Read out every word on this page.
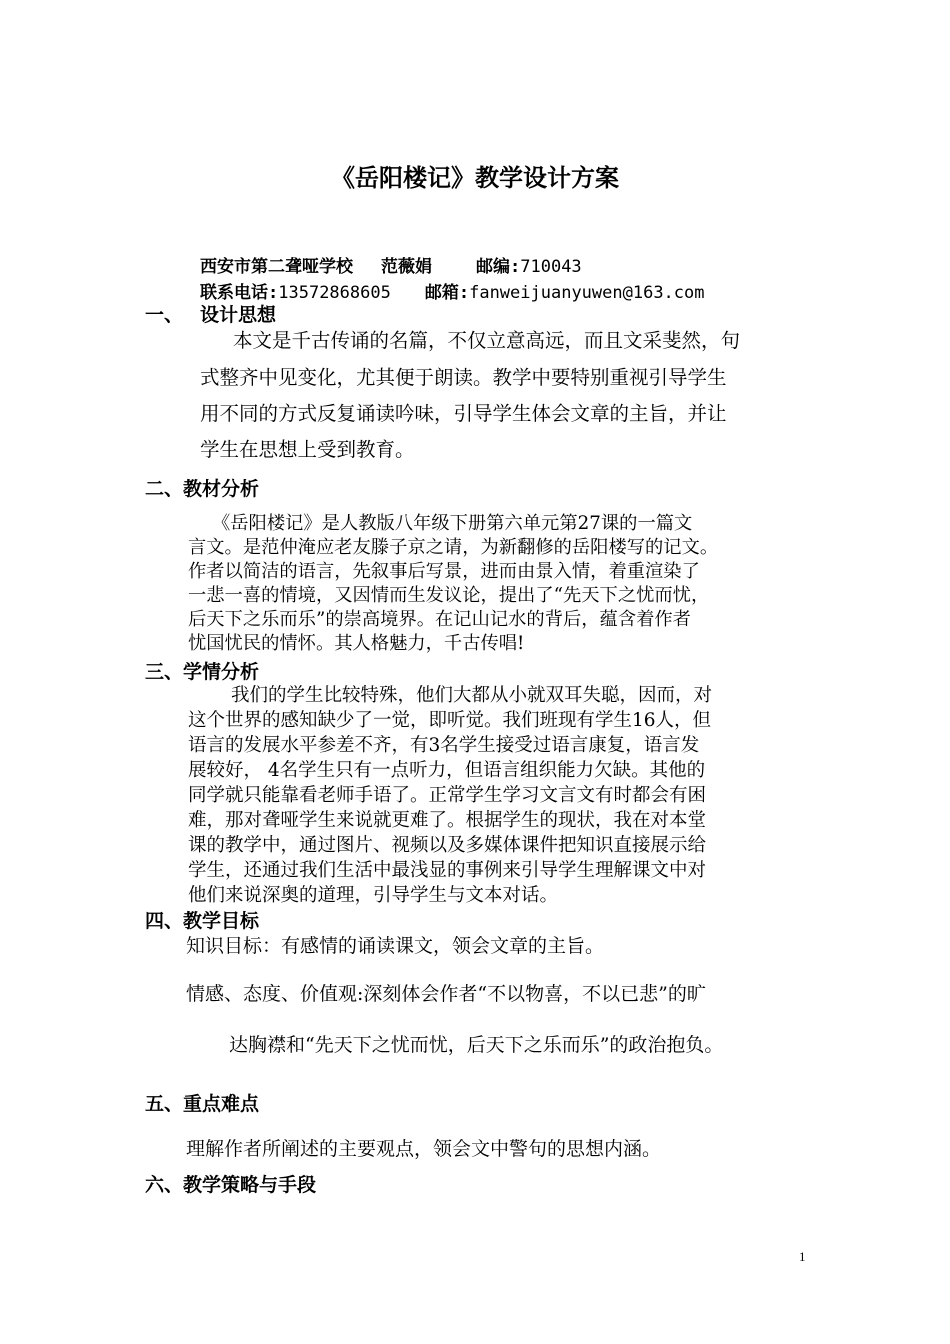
《岳阳楼记》教学设计方案
西安市第二聋哑学校 范薇娟	邮编:710043
联系电话:13572868605 邮箱:fanweijuanyuwen@163.com
一、 设计思想
本文是千古传诵的名篇，不仅立意高远，而且文采斐然，句
式整齐中见变化，尤其便于朗读。教学中要特别重视引导学生
用不同的方式反复诵读吟味，引导学生体会文章的主旨，并让
学生在思想上受到教育。
二、教材分析
《岳阳楼记》是人教版八年级下册第六单元第27课的一篇文
言文。是范仲淹应老友滕子京之请，为新翻修的岳阳楼写的记文。
作者以简洁的语言，先叙事后写景，进而由景入情，着重渲染了
一悲一喜的情境，又因情而生发议论，提出了“先天下之忧而忧，
后天下之乐而乐”的崇高境界。在记山记水的背后，蕴含着作者
忧国忧民的情怀。其人格魅力，千古传唱!
三、学情分析
我们的学生比较特殊，他们大都从小就双耳失聪，因而，对
这个世界的感知缺少了一觉，即听觉。我们班现有学生16人，但
语言的发展水平参差不齐，有3名学生接受过语言康复，语言发
展较好， 4名学生只有一点听力，但语言组织能力欠缺。其他的
同学就只能靠看老师手语了。正常学生学习文言文有时都会有困
难，那对聋哑学生来说就更难了。根据学生的现状，我在对本堂
课的教学中，通过图片、视频以及多媒体课件把知识直接展示给
学生，还通过我们生活中最浅显的事例来引导学生理解课文中对
他们来说深奥的道理，引导学生与文本对话。
四、教学目标
知识目标：有感情的诵读课文，领会文章的主旨。
情感、态度、价值观:深刻体会作者“不以物喜，不以已悲”的旷
达胸襟和“先天下之忧而忧，后天下之乐而乐”的政治抱负。
五、重点难点
理解作者所阐述的主要观点，领会文中警句的思想内涵。
六、教学策略与手段
1
